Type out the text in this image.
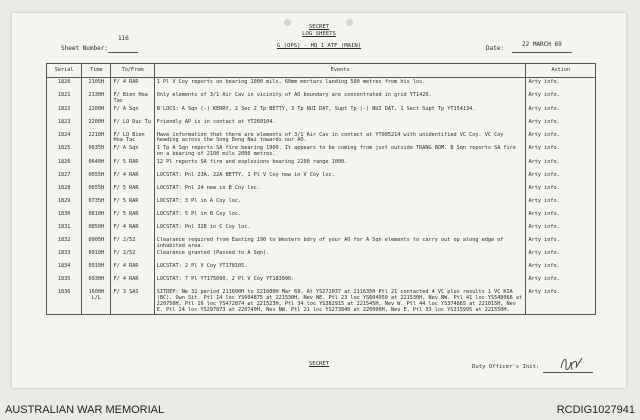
SECRET
LOG SHEETS
G (OPS) - HQ 1 ATF (MAIN)
Sheet Number:
116
Date:
22 MARCH 69
Serial	Time	To/From	Events	Action
1820	2105H	F/ 4 RAR	1 Pl V Coy reports on bearing 1000 mils, 60mm mortars landing 500 metres from his loc.	Arty info.
1821	2130H	F/ Bien Hoa Tac	Only elements of 3/1 Air Cav in vicinity of AO boundary are concentrated in grid YT1420.	Arty info.
1822	2200H	F/ A Sqn	N'LOCS: A Sqn (-) KERRY, 2 Sec 2 Tp BETTY, 3 Tp NUI DAT, Supt Tp (-) NUI DAT, 1 Sect Supt Tp YT154134.	Arty info.
1823	2200H	F/ LO Duc Tu	Friendly AP is in contact at YT260104.	Arty info.
1824	2210H	F/ LO Bien Hoa Tac	Have information that there are elements of 3/1 Air Cav in contact at YT005214 with unidentified VC Coy. VC Coy heading across the Song Dong Nai towards our AO.	Arty info.
1825	0635H	F/ A Sqn	1 Tp A Sqn reports SA fire bearing 1900. It appears to be coming from just outside TRANG BOM. B Sqn reports SA fire on a bearing of 2100 mils 2000 metres.	Arty info.
1826	0640H	F/ 5 RAR	12 Pl reports SA fire and explosions bearing 2200 range 1000.	Arty info.
1827	0655H	F/ 4 RAR	LOCSTAT: Pnl 23A, 22A BETTY, 1 Pl V Coy new in V Coy loc.	Arty info.
1828	0655H	F/ 5 RAR	LOCSTAT: Pnl 24 new in B Coy loc.	Arty info.
1829	0735H	F/ 5 RAR	LOCSTAT: 3 Pl in A Coy loc.	Arty info.
1830	0810H	F/ 5 RAR	LOCSTAT: 5 Pl in B Coy loc.	Arty info.
1831	0850H	F/ 4 RAR	LOCSTAT: Pnl 32B in C Coy loc.	Arty info.
1832	0905H	F/ 2/52	Clearance required from Easting 190 to Western bdry of your AO for A Sqn elements to carry out op along edge of inhabited area.	Arty info.
1833	0910H	F/ 2/52	Clearance granted (Passed to A Sqn).	Arty info.
1834	0910H	F/ 4 RAR	LOCSTAT: 2 Pl V Coy YT178105.	Arty info.
1835	0930H	F/ 4 RAR	LOCSTAT: 7 Pl YT175090, 2 Pl V Coy YT183090.	Arty info.
1836	1600H L/L	F/ 3 SAS	SITREP: Ne 32 period 211600H to 221600H Mar 69. At YS272037 at 211635H Ptl 21 contacted 4 VC plus results 1 VC KIA (BC). Own Sit. Ptl 14 loc YS604875 at 221530H, Nev NE. Ptl 23 loc YS604950 at 221530H, Nev NW. Ptl 41 loc YS548066 at 220750H, Ptl 16 loc YS472874 at 221523H, Ptl 34 loc YS382915 at 221545H, Nev W. Ptl 44 loc YS374865 at 221015H, Nev E. Ptl 24 loc YS297873 at 220740H, Nev NW. Ptl 21 loc YS273840 at 220000H, Nev E. Ptl 33 loc YS315995 at 221550H.	Arty info.
SECRET	Duty Officer's Init:
AUSTRALIAN WAR MEMORIAL	RCDIG1027941
